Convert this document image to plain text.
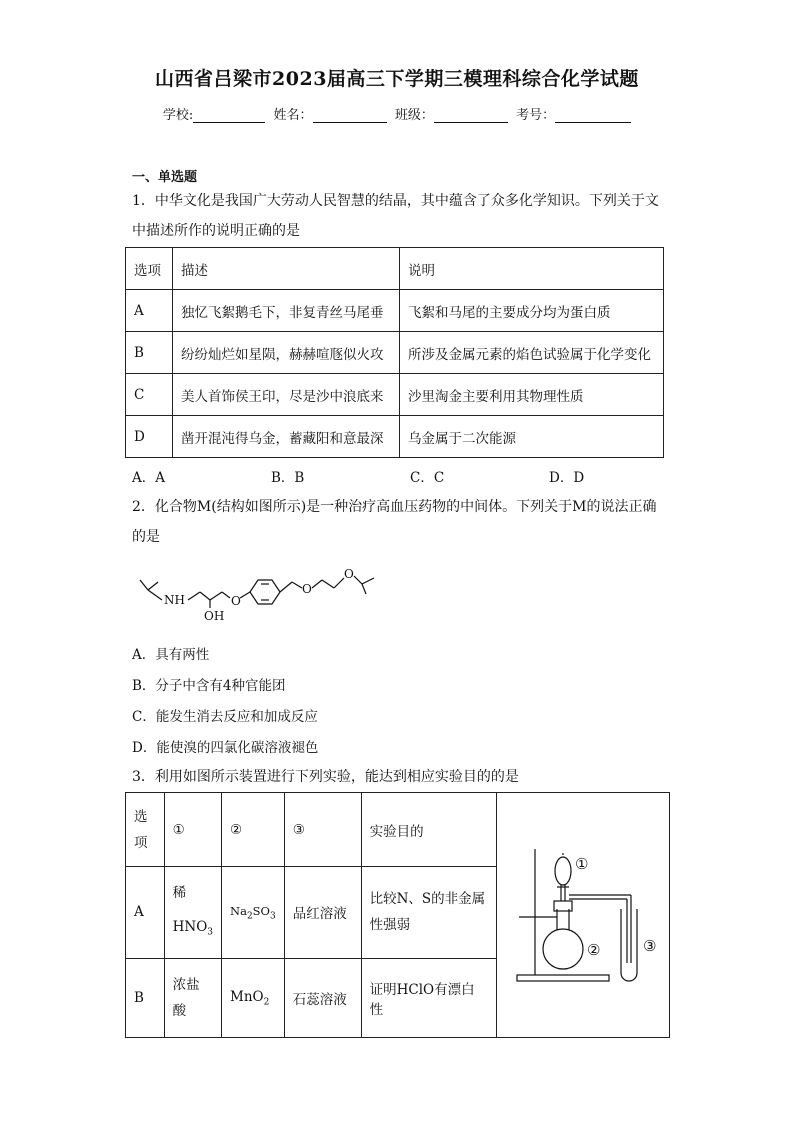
山西省吕梁市2023届高三下学期三模理科综合化学试题
学校:	姓名：	班级：	考号：
一、单选题
1．中华文化是我国广大劳动人民智慧的结晶，其中蕴含了众多化学知识。下列关于文
中描述所作的说明正确的是
选项	描述	说明
A	独忆飞絮鹅毛下，非复青丝马尾垂	飞絮和马尾的主要成分均为蛋白质
B	纷纷灿烂如星陨，赫赫喧豗似火攻	所涉及金属元素的焰色试验属于化学变化
C	美人首饰侯王印，尽是沙中浪底来	沙里淘金主要利用其物理性质
D	凿开混沌得乌金，蓄藏阳和意最深	乌金属于二次能源
A．A	B．B	C．C	D．D
2．化合物M(结构如图所示)是一种治疗高血压药物的中间体。下列关于M的说法正确
的是
NH
OH
O
O
O
A．具有两性
B．分子中含有4种官能团
C．能发生消去反应和加成反应
D．能使溴的四氯化碳溶液褪色
3．利用如图所示装置进行下列实验，能达到相应实验目的的是
选项	①	②	③	实验目的	①
② ③

A	稀
$HNO_3$	$Na_2SO_3$	品红溶液	比较N、S的非金属性强弱	
B	浓盐酸	MnO$_2$	石蕊溶液	证明HClO有漂白性	
